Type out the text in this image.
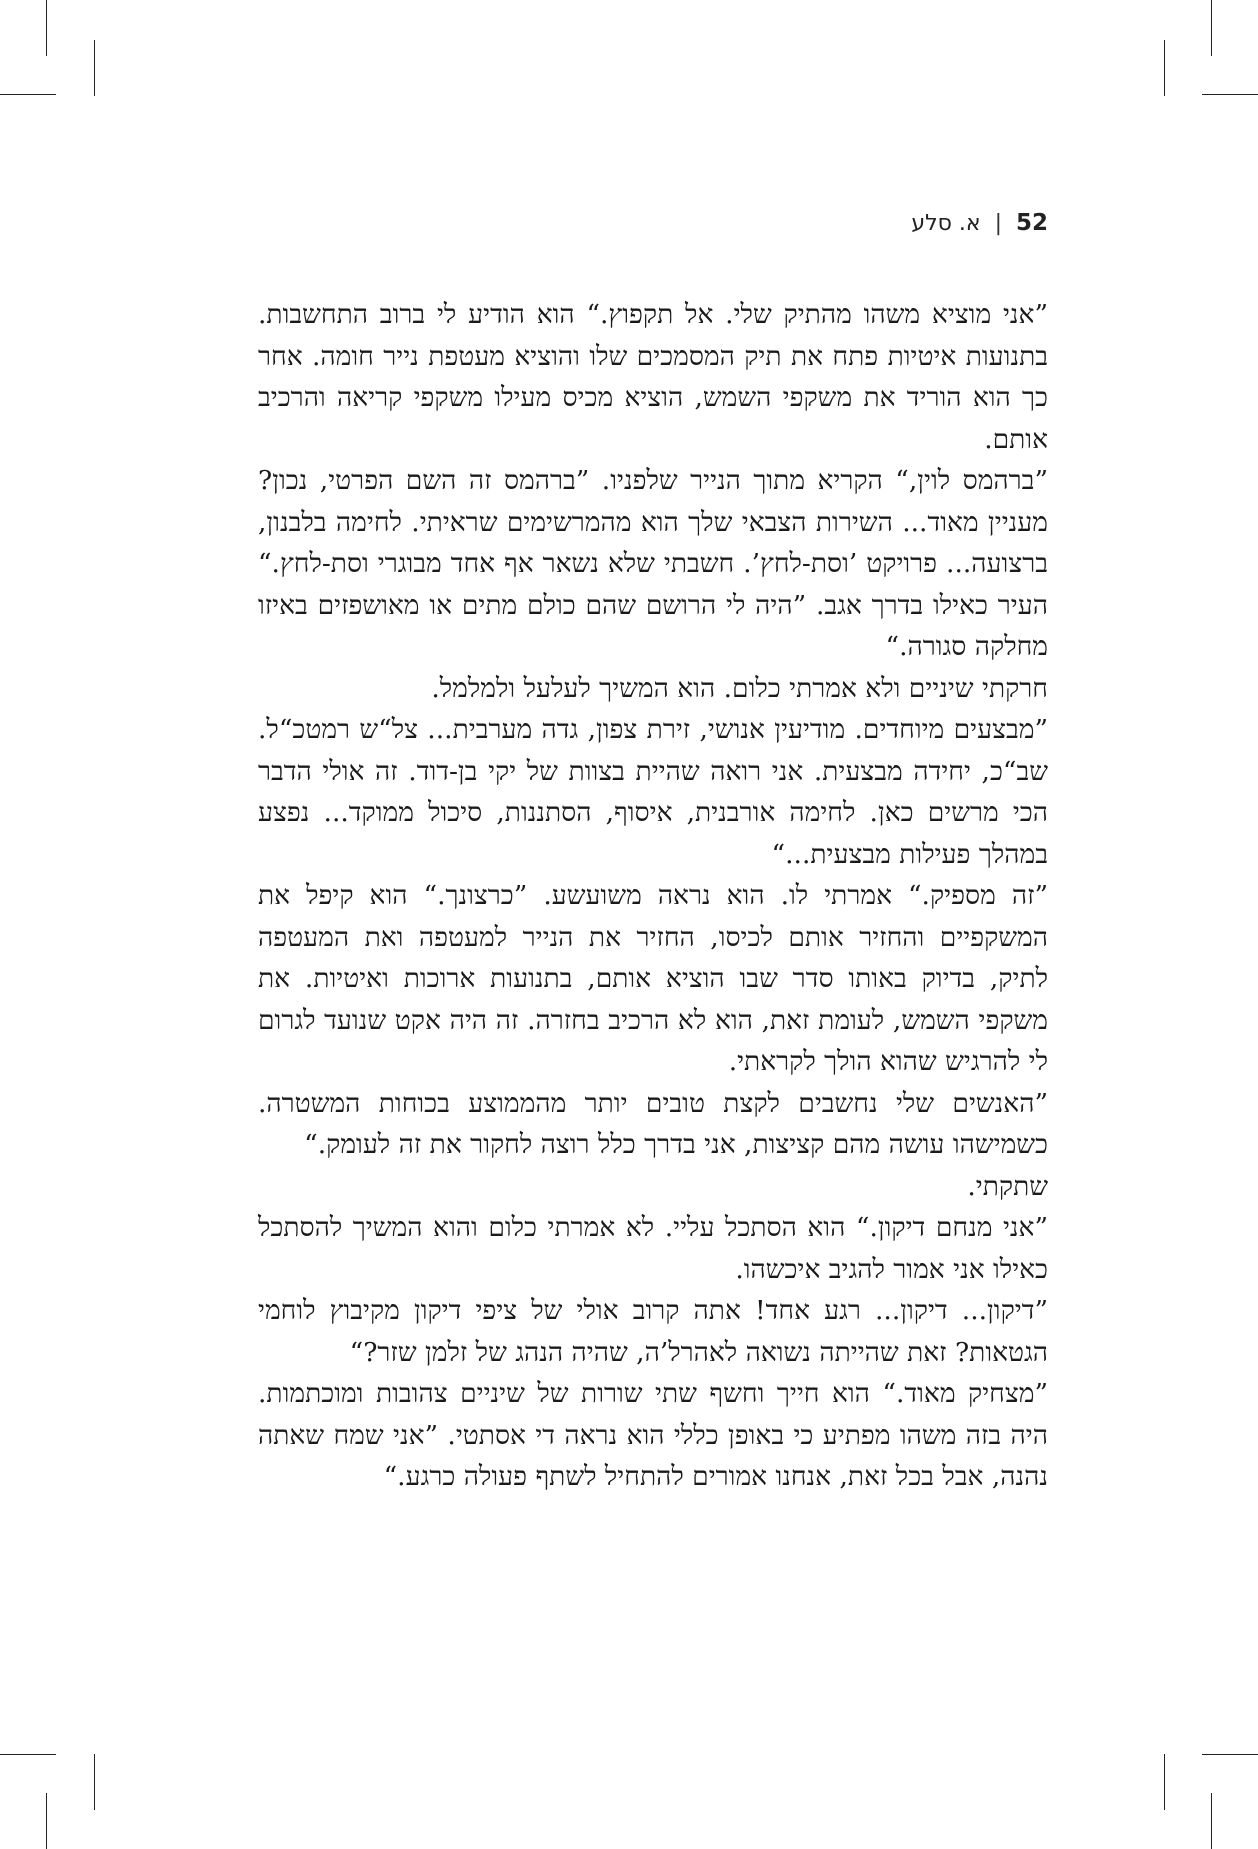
52
|
א. סלע

”אני מוציא משהו מהתיק שלי. אל תקפוץ.“ הוא הודיע לי ברוב התחשבות. בתנועות איטיות פתח את תיק המסמכים שלו והוציא מעטפת נייר חומה. אחר כך הוא הוריד את משקפי השמש, הוציא מכיס מעילו משקפי קריאה והרכיב אותם.

”ברהמס לוין,“ הקריא מתוך הנייר שלפניו. ”ברהמס זה השם הפרטי, נכון? מעניין מאוד... השירות הצבאי שלך הוא מהמרשימים שראיתי. לחימה בלבנון, ברצועה... פרויקט ’וסת-לחץ’. חשבתי שלא נשאר אף אחד מבוגרי וסת-לחץ.“ העיר כאילו בדרך אגב. ”היה לי הרושם שהם כולם מתים או מאושפזים באיזו מחלקה סגורה.“

חרקתי שיניים ולא אמרתי כלום. הוא המשיך לעלעל ולמלמל.

”מבצעים מיוחדים. מודיעין אנושי, זירת צפון, גדה מערבית... צל“ש רמטכ“ל. שב“כ, יחידה מבצעית. אני רואה שהיית בצוות של יקי בן-דוד. זה אולי הדבר הכי מרשים כאן. לחימה אורבנית, איסוף, הסתננות, סיכול ממוקד... נפצע במהלך פעילות מבצעית...“

”זה מספיק.“ אמרתי לו. הוא נראה משועשע. ”כרצונך.“ הוא קיפל את המשקפיים והחזיר אותם לכיסו, החזיר את הנייר למעטפה ואת המעטפה לתיק, בדיוק באותו סדר שבו הוציא אותם, בתנועות ארוכות ואיטיות. את משקפי השמש, לעומת זאת, הוא לא הרכיב בחזרה. זה היה אקט שנועד לגרום לי להרגיש שהוא הולך לקראתי.

”האנשים שלי נחשבים לקצת טובים יותר מהממוצע בכוחות המשטרה. כשמישהו עושה מהם קציצות, אני בדרך כלל רוצה לחקור את זה לעומק.“

שתקתי.

”אני מנחם דיקון.“ הוא הסתכל עליי. לא אמרתי כלום והוא המשיך להסתכל כאילו אני אמור להגיב איכשהו.

”דיקון... דיקון... רגע אחד! אתה קרוב אולי של ציפי דיקון מקיבוץ לוחמי הגטאות? זאת שהייתה נשואה לאהרל’ה, שהיה הנהג של זלמן שזר?“

”מצחיק מאוד.“ הוא חייך וחשף שתי שורות של שיניים צהובות ומוכתמות. היה בזה משהו מפתיע כי באופן כללי הוא נראה די אסתטי. ”אני שמח שאתה נהנה, אבל בכל זאת, אנחנו אמורים להתחיל לשתף פעולה כרגע.“
